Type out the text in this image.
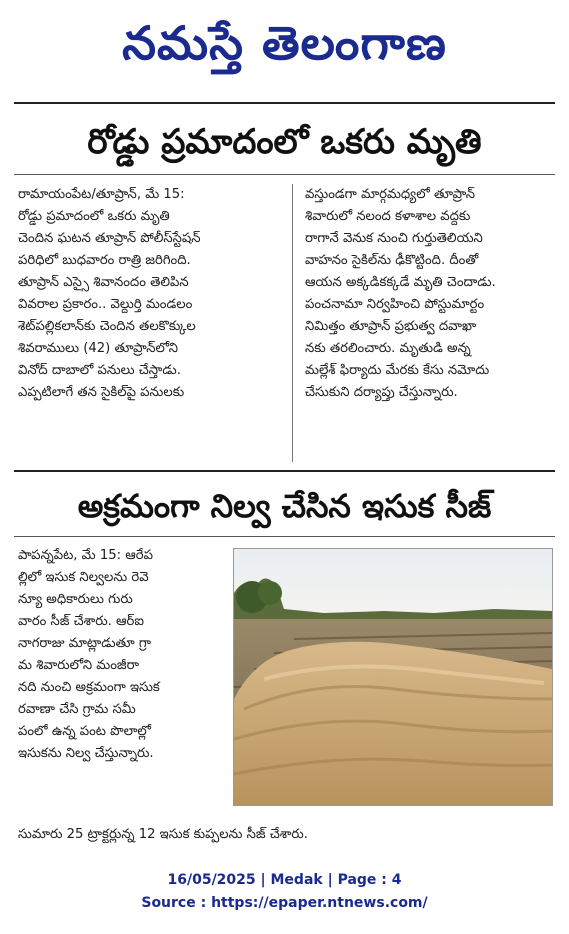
నమస్తే తెలంగాణ
రోడ్డు ప్రమాదంలో ఒకరు మృతి
రామాయంపేట/తూప్రాన్, మే 15:
రోడ్డు ప్రమాదంలో ఒకరు మృతి
చెందిన ఘటన తూప్రాన్ పోలీస్‌స్టేషన్
పరిధిలో బుధవారం రాత్రి జరిగింది.
తూప్రాన్ ఎస్సై శివానందం తెలిపిన
వివరాల ప్రకారం.. వెల్దుర్తి మండలం
శెట్‌పల్లికలాన్‌కు చెందిన తలకొక్కుల
శివరాములు (42) తూప్రాన్‌లోని
వినోద్ దాబాలో పనులు చేస్తాడు.
ఎప్పటిలాగే తన సైకిల్‌పై పనులకు
వస్తుండగా మార్గమధ్యలో తూప్రాన్
శివారులో నలంద కళాశాల వద్దకు
రాగానే వెనుక నుంచి గుర్తుతెలియని
వాహనం సైకిల్‌ను ఢీకొట్టింది. దీంతో
ఆయన అక్కడికక్కడే మృతి చెందాడు.
పంచనామా నిర్వహించి పోస్టుమార్టం
నిమిత్తం తూప్రాన్ ప్రభుత్వ దవాఖా
నకు తరలించారు. మృతుడి అన్న
మల్లేశ్ ఫిర్యాదు మేరకు కేసు నమోదు
చేసుకుని దర్యాప్తు చేస్తున్నారు.
అక్రమంగా నిల్వ చేసిన ఇసుక సీజ్
పాపన్నపేట, మే 15: ఆరేప
ల్లిలో ఇసుక నిల్వలను రెవె
న్యూ అధికారులు గురు
వారం సీజ్ చేశారు. ఆర్ఐ
నాగరాజు మాట్లాడుతూ గ్రా
మ శివారులోని మంజీరా
నది నుంచి అక్రమంగా ఇసుక
రవాణా చేసి గ్రామ సమీ
పంలో ఉన్న పంట పొలాల్లో
ఇసుకను నిల్వ చేస్తున్నారు.
సుమారు 25 ట్రాక్టర్లున్న 12 ఇసుక కుప్పలను సీజ్ చేశారు.
16/05/2025 | Medak | Page : 4
Source : https://epaper.ntnews.com/
